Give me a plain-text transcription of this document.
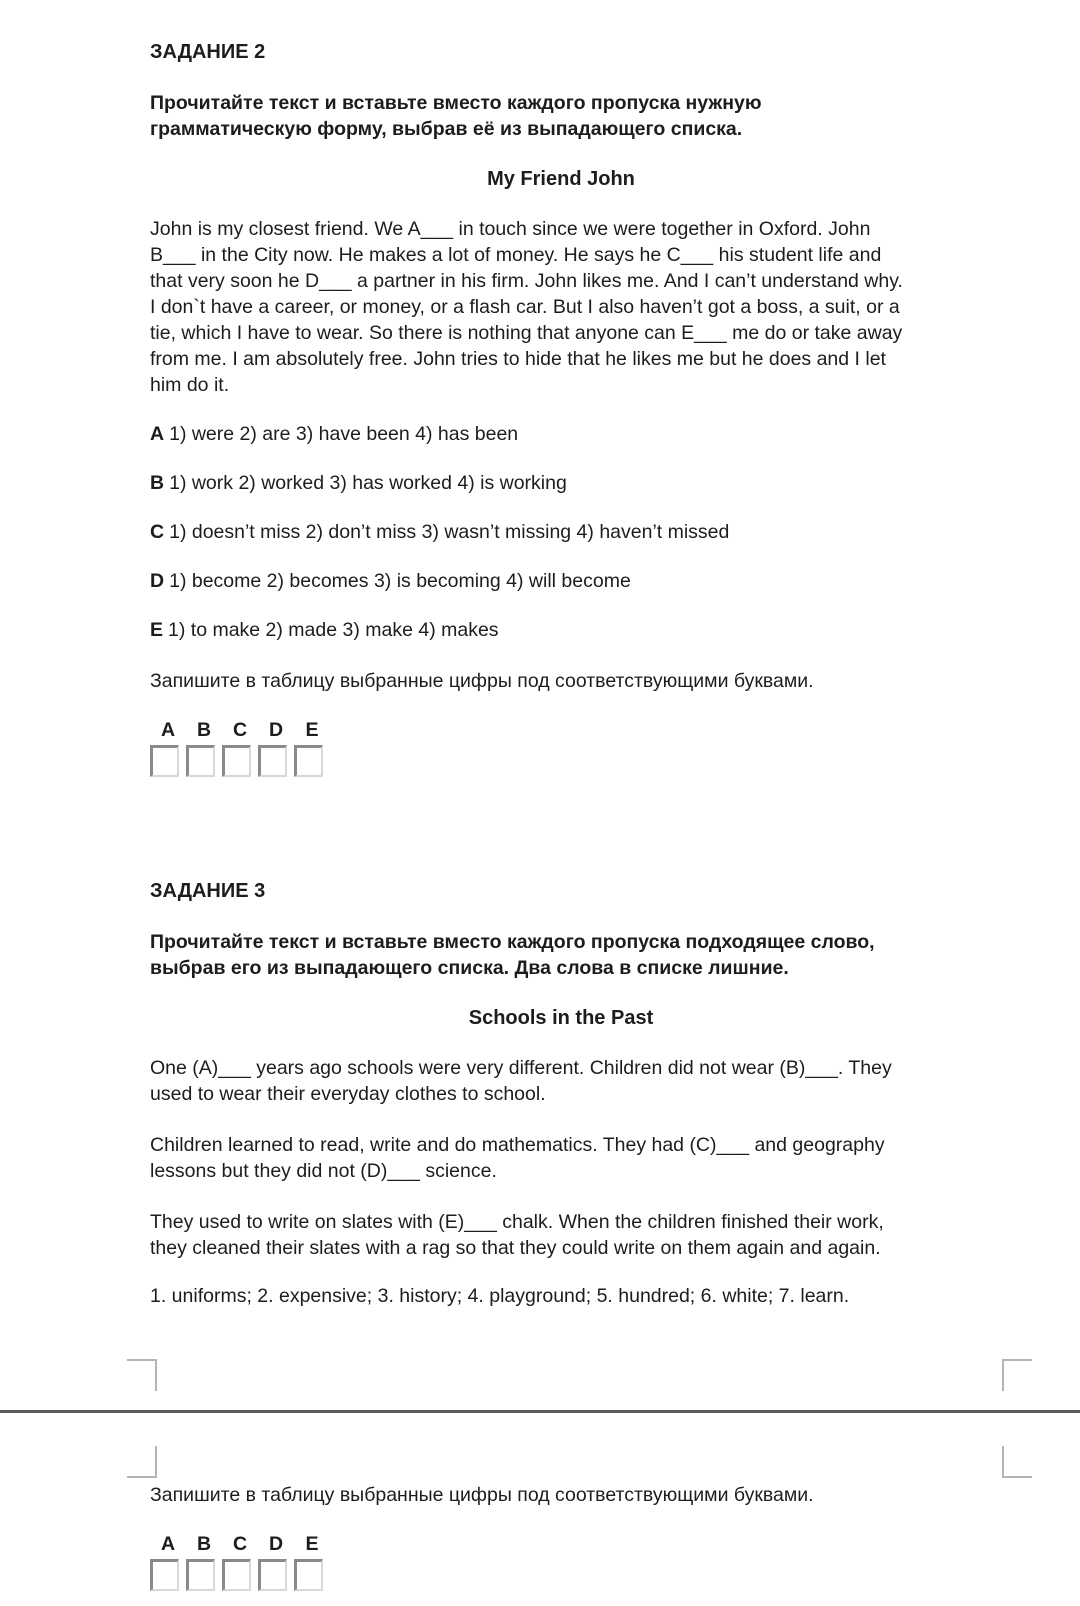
ЗАДАНИЕ 2
Прочитайте текст и вставьте вместо каждого пропуска нужную
грамматическую форму, выбрав её из выпадающего списка.
My Friend John
John is my closest friend. We A___ in touch since we were together in Oxford. John
B___ in the City now. He makes a lot of money. He says he C___ his student life and
that very soon he D___ a partner in his firm. John likes me. And I can’t understand why.
I don`t have a career, or money, or a flash car. But I also haven’t got a boss, a suit, or a
tie, which I have to wear. So there is nothing that anyone can E___ me do or take away
from me. I am absolutely free. John tries to hide that he likes me but he does and I let
him do it.
A 1) were 2) are 3) have been 4) has been
B 1) work 2) worked 3) has worked 4) is working
C 1) doesn’t miss 2) don’t miss 3) wasn’t missing 4) haven’t missed
D 1) become 2) becomes 3) is becoming 4) will become
E 1) to make 2) made 3) make 4) makes
Запишите в таблицу выбранные цифры под соответствующими буквами.
A	B	C	D	E
ЗАДАНИЕ 3
Прочитайте текст и вставьте вместо каждого пропуска подходящее слово,
выбрав его из выпадающего списка. Два слова в списке лишние.
Schools in the Past
One (A)___ years ago schools were very different. Children did not wear (B)___. They
used to wear their everyday clothes to school.
Children learned to read, write and do mathematics. They had (C)___ and geography
lessons but they did not (D)___ science.
They used to write on slates with (E)___ chalk. When the children finished their work,
they cleaned their slates with a rag so that they could write on them again and again.
1. uniforms; 2. expensive; 3. history; 4. playground; 5. hundred; 6. white; 7. learn.
Запишите в таблицу выбранные цифры под соответствующими буквами.
A	B	C	D	E
